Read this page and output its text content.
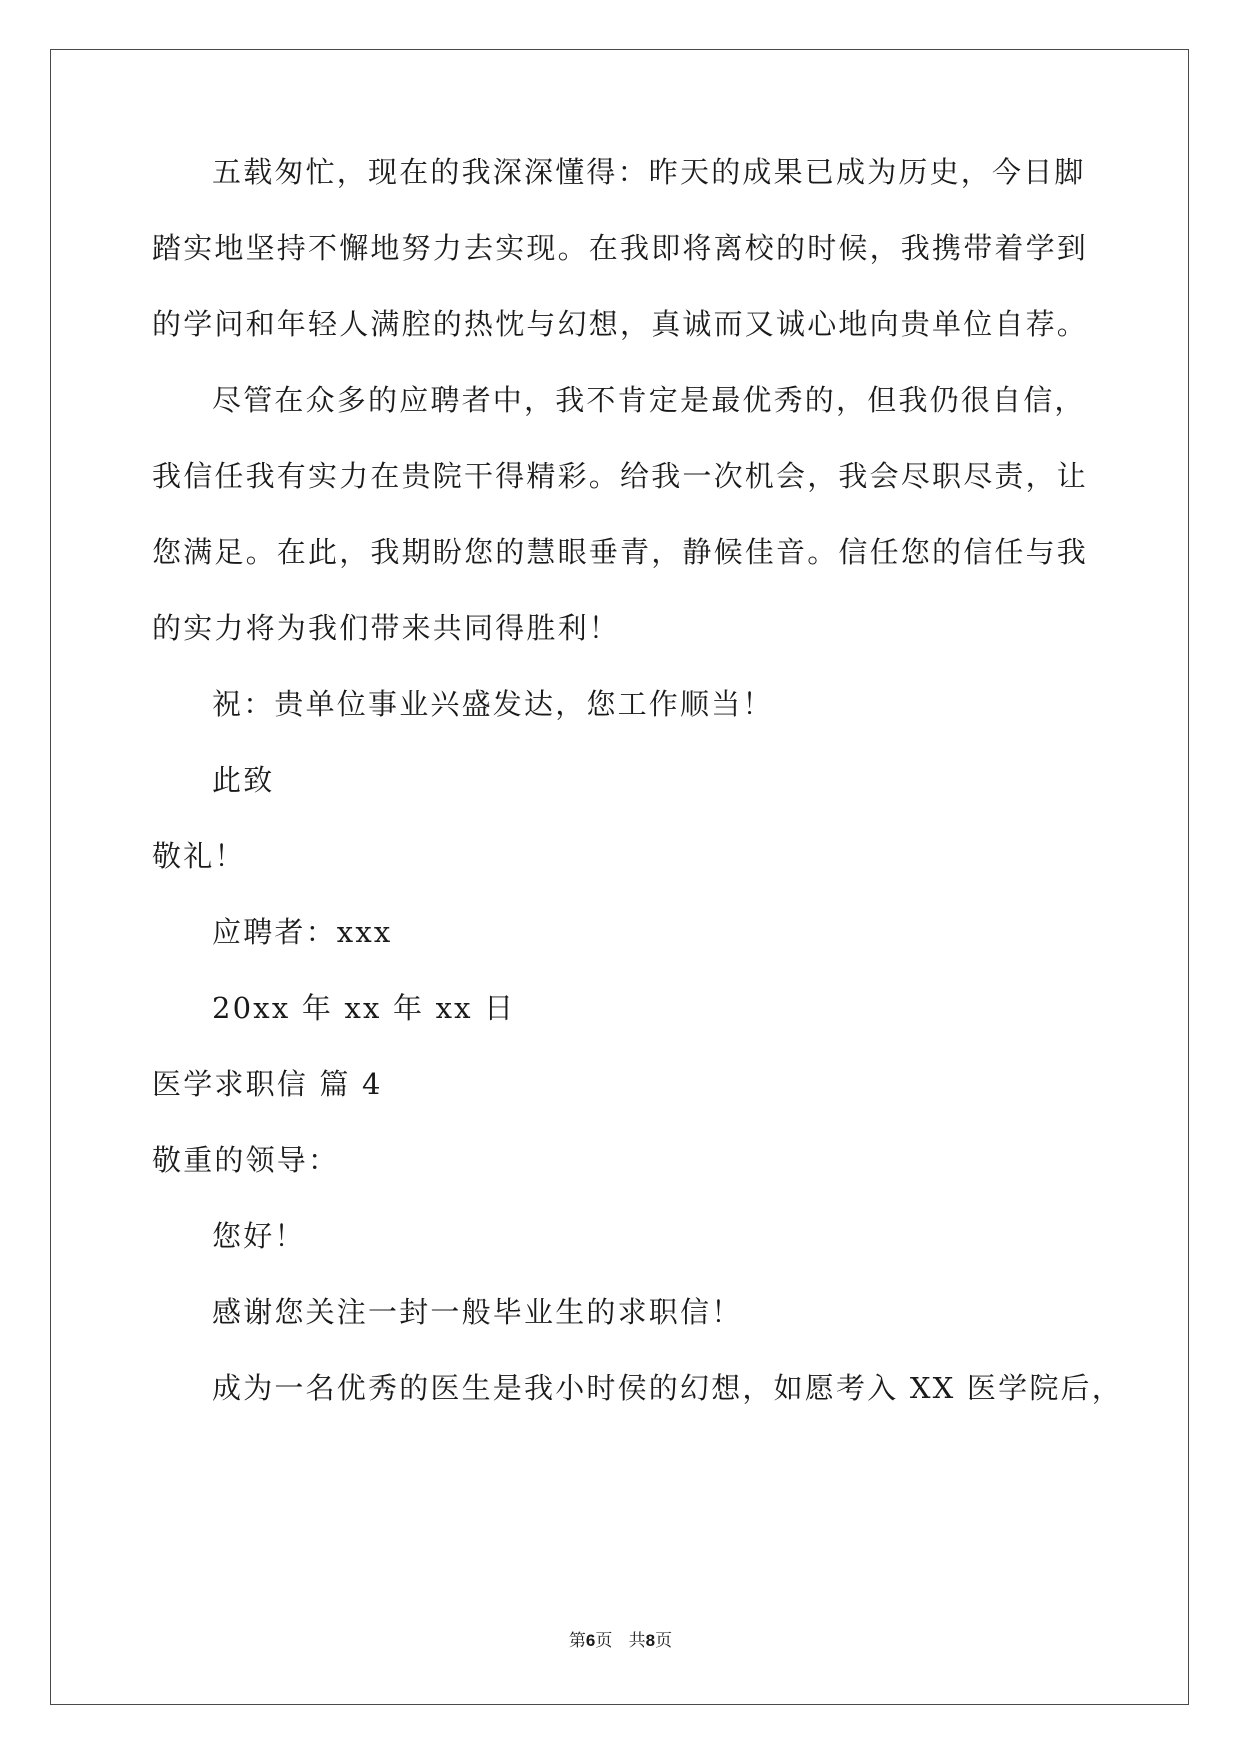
五载匆忙，现在的我深深懂得：昨天的成果已成为历史，今日脚
踏实地坚持不懈地努力去实现。在我即将离校的时候，我携带着学到
的学问和年轻人满腔的热忱与幻想，真诚而又诚心地向贵单位自荐。
尽管在众多的应聘者中，我不肯定是最优秀的，但我仍很自信，
我信任我有实力在贵院干得精彩。给我一次机会，我会尽职尽责，让
您满足。在此，我期盼您的慧眼垂青，静候佳音。信任您的信任与我
的实力将为我们带来共同得胜利！
祝：贵单位事业兴盛发达，您工作顺当！
此致
敬礼！
应聘者：xxx
20xx 年 xx 年 xx 日
医学求职信 篇 4
敬重的领导：
您好！
感谢您关注一封一般毕业生的求职信！
成为一名优秀的医生是我小时侯的幻想，如愿考入 XX 医学院后，
第6页 共8页
